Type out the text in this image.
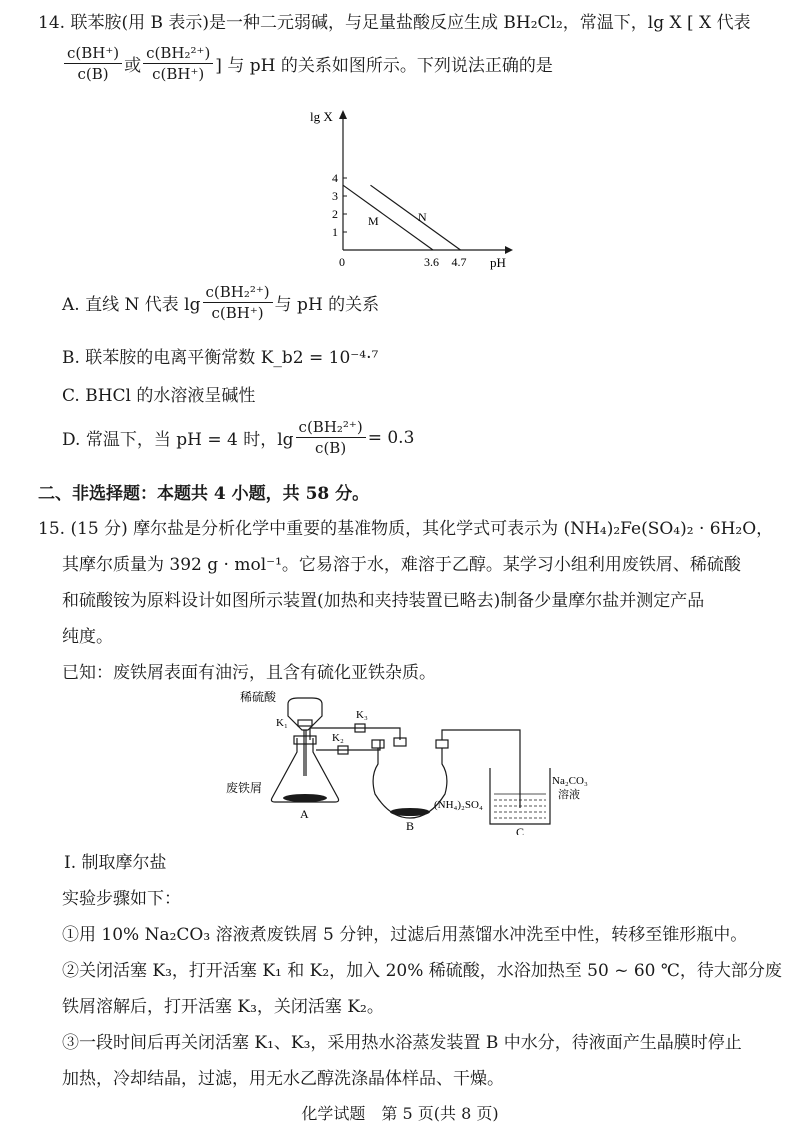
14. 联苯胺(用 B 表示)是一种二元弱碱，与足量盐酸反应生成 BH₂Cl₂，常温下，lg X [ X 代表
$\frac{c(BH^+)}{c(B)}$ 或 $\frac{\text{c(BH₂²⁺)}}{c(BH^+)}$ ] 与 pH 的关系如图所示。下列说法正确的是
lg X
pH
1
2
3
4
0	3.6 4.7
M	N
A. 直线 N 代表 $\lg \frac{\text{c(BH₂²⁺)}}{c(BH^+)}$ 与 pH 的关系
B. 联苯胺的电离平衡常数 K_b2 = 10⁻⁴·⁷
C. BHCl 的水溶液呈碱性
D. 常温下，当 pH = 4 时，$\lg \frac{\text{c(BH₂²⁺)}}{c(B)} = 0.3$
二、非选择题：本题共 4 小题，共 58 分。
15. (15 分) 摩尔盐是分析化学中重要的基准物质，其化学式可表示为 (NH₄)₂Fe(SO₄)₂ · 6H₂O，
其摩尔质量为 392 g · mol⁻¹。它易溶于水，难溶于乙醇。某学习小组利用废铁屑、稀硫酸
和硫酸铵为原料设计如图所示装置(加热和夹持装置已略去)制备少量摩尔盐并测定产品
纯度。
已知：废铁屑表面有油污，且含有硫化亚铁杂质。
稀硫酸
K₁
K₃
K₂
废铁屑
A
B
(NH₄)₂SO₄
C
Na₂CO₃
溶液
Ⅰ. 制取摩尔盐
实验步骤如下：
①用 10% Na₂CO₃ 溶液煮废铁屑 5 分钟，过滤后用蒸馏水冲洗至中性，转移至锥形瓶中。
②关闭活塞 K₃，打开活塞 K₁ 和 K₂，加入 20% 稀硫酸，水浴加热至 50 ~ 60 ℃，待大部分废
铁屑溶解后，打开活塞 K₃，关闭活塞 K₂。
③一段时间后再关闭活塞 K₁、K₃，采用热水浴蒸发装置 B 中水分，待液面产生晶膜时停止
加热，冷却结晶，过滤，用无水乙醇洗涤晶体样品、干燥。
化学试题　第 5 页(共 8 页)
